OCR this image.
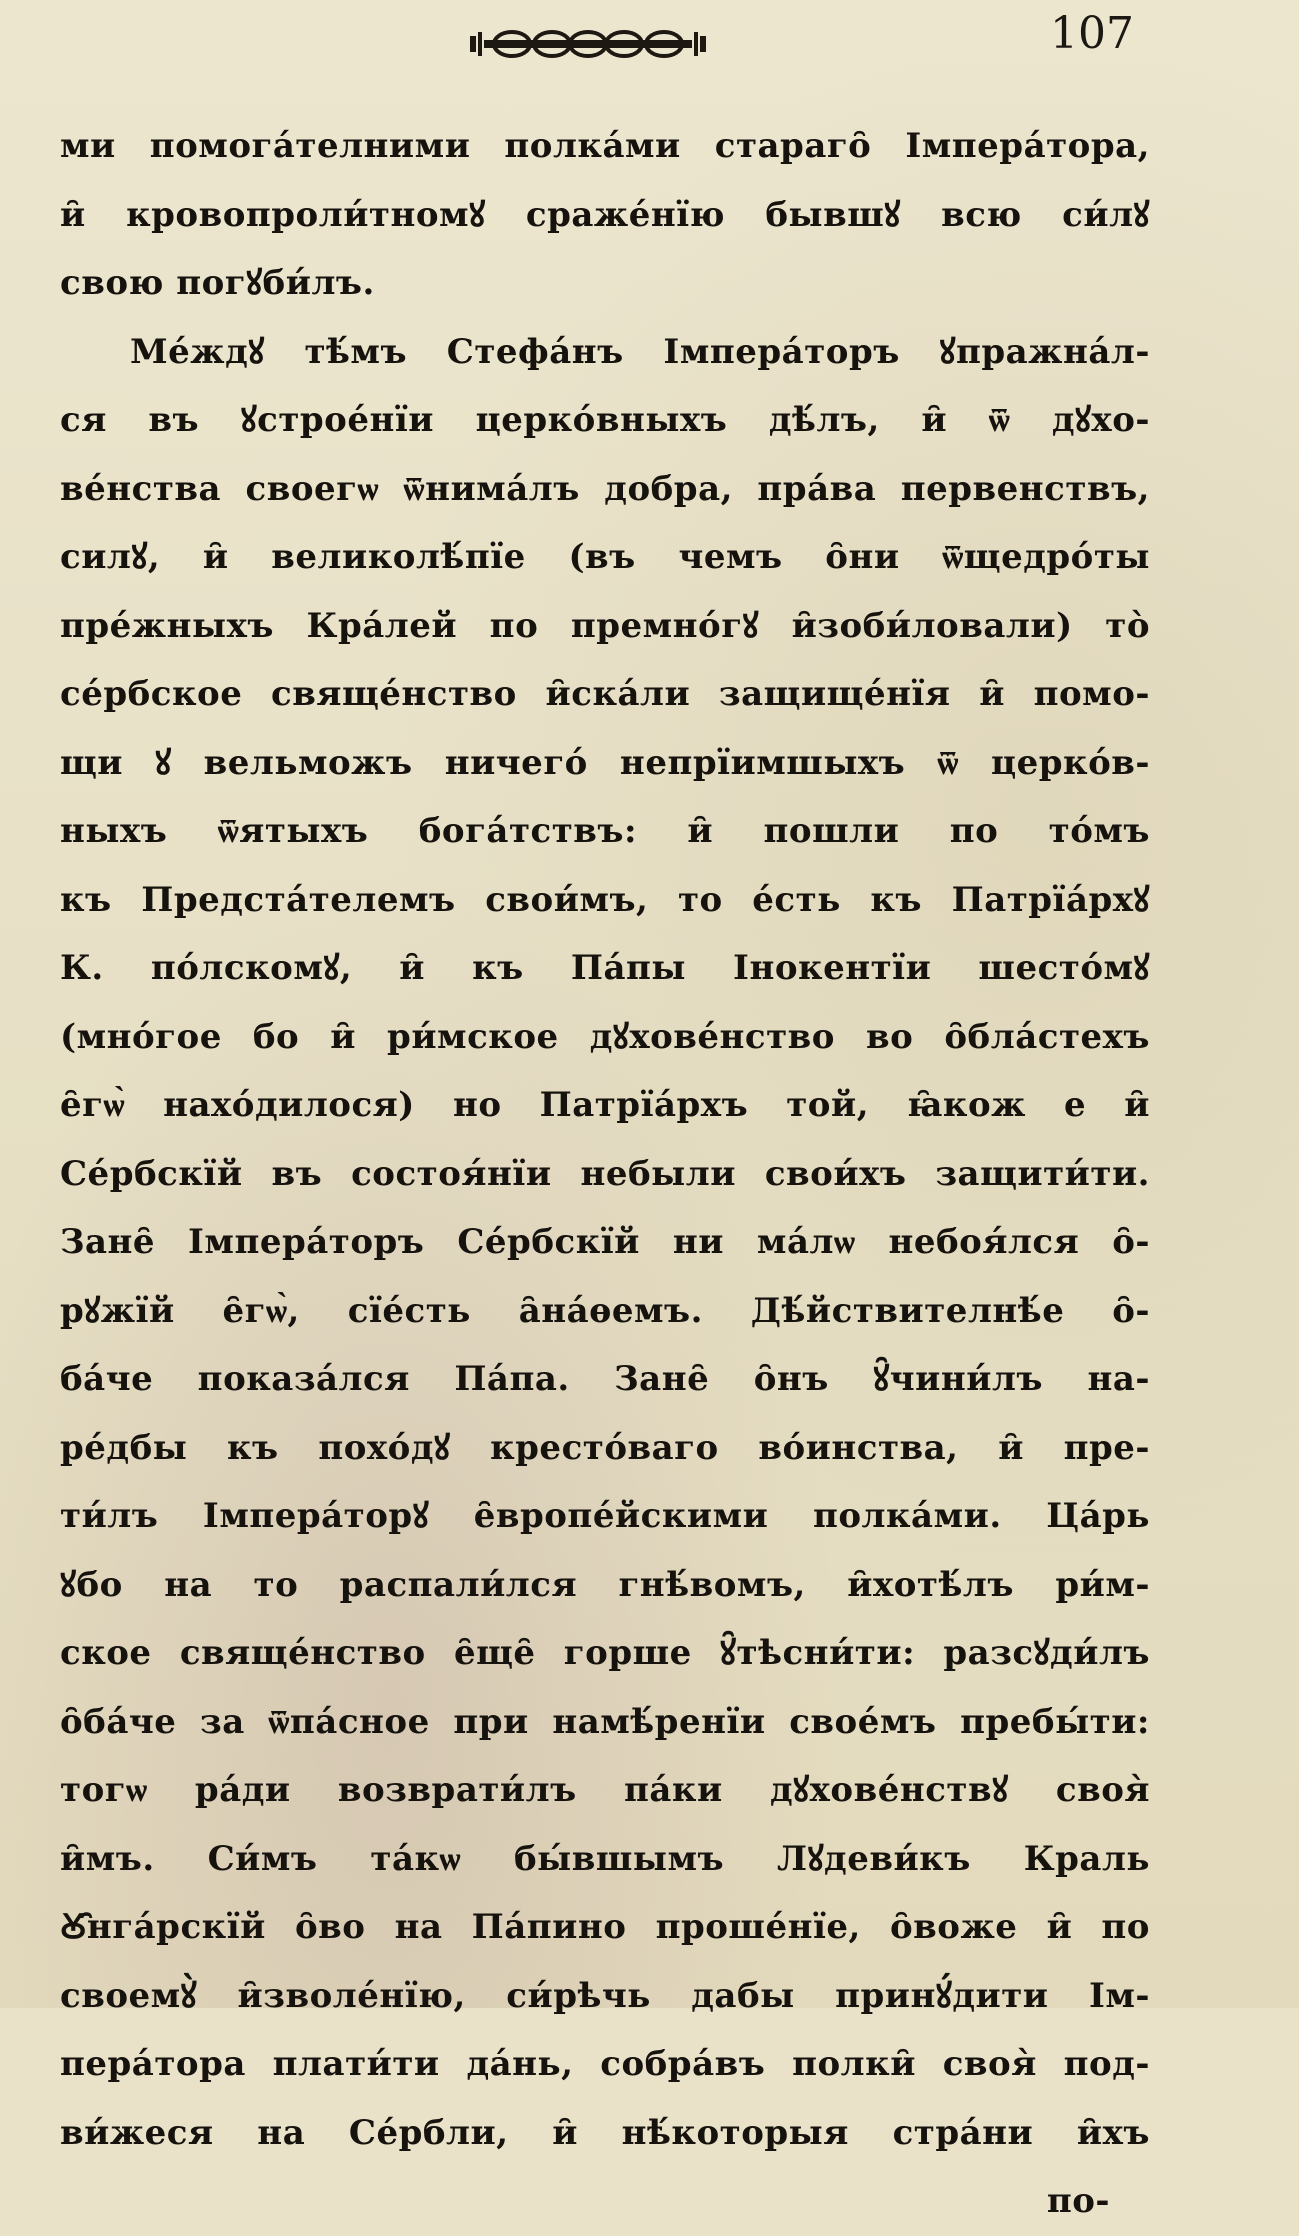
107
ми помога́телними полка́ми стараго̑ Імпера́тора,
и̑ кровопроли́тномꙋ сраже́нїю бывшꙋ всю си́лꙋ
свою погꙋби́лъ.
Ме́ждꙋ тѣ́мъ Стефа́нъ Імпера́торъ ꙋпражна́л-
ся въ ꙋстрое́нїи церко́вныхъ дѣ́лъ, и̑ ѿ дꙋхо-
ве́нства своегѡ ѿнима́лъ добра, пра́ва первенствъ,
силꙋ, и̑ великолѣ́пїе (въ чемъ о̑ни ѿщедро́ты
пре́жныхъ Кра́лей по премно́гꙋ и̑зоби́ловали) то̀
се́рбское свяще́нство и̑ска́ли защище́нїя и̑ помо-
щи ꙋ вельможъ ничего́ непрїимшыхъ ѿ церко́в-
ныхъ ѿятыхъ бога́тствъ: и̑ пошли по то́мъ
къ Предста́телемъ свои́мъ, то е́сть къ Патрїа́рхꙋ
К. по́лскомꙋ, и̑ къ Па́пы Інокентїи шесто́мꙋ
(мно́гое бо и̑ ри́мское дꙋхове́нство во о̑бла́стехъ
е̑гѡ̀ нахо́дилося) но Патрїа́рхъ той, ꙗ̑кож е и̑
Се́рбскїй въ состоя́нїи небыли свои́хъ защити́ти.
Зане̑ Імпера́торъ Се́рбскїй ни ма́лѡ небоя́лся о̑-
рꙋжїй е̑гѡ̀, сїе́сть а̑на́ѳемъ. Дѣ́йствителнѣ́е о̑-
ба́че показа́лся Па́па. Зане̑ о̑нъ ꙋ̑чини́лъ на-
ре́дбы къ похо́дꙋ кресто́ваго во́инства, и̑ пре-
ти́лъ Імпера́торꙋ е̑вропе́йскими полка́ми. Ца́рь
ꙋбо на то распали́лся гнѣ́вомъ, и̑хотѣ́лъ ри́м-
ское свяще́нство е̑ще̑ горше ꙋ̑тѣсни́ти: разсꙋди́лъ
о̑ба́че за ѿпа́сное при намѣ́ренїи свое́мъ пребы́ти:
тогѡ ра́ди возврати́лъ па́ки дꙋхове́нствꙋ своя̀
и̑мъ. Си́мъ та́кѡ бы́вшымъ Лꙋдеви́къ Краль
Ꙋ̑нга́рскїй о̑во на Па́пино проше́нїе, о̑воже и̑ по
своемꙋ̀ и̑зволе́нїю, си́рѣчь дабы принꙋ́дити Ім-
пера́тора плати́ти да́нь, собра́въ полки̑ своя̀ под-
ви́жеся на Се́рбли, и̑ нѣ́которыя стра́ни и̑хъ
по-
